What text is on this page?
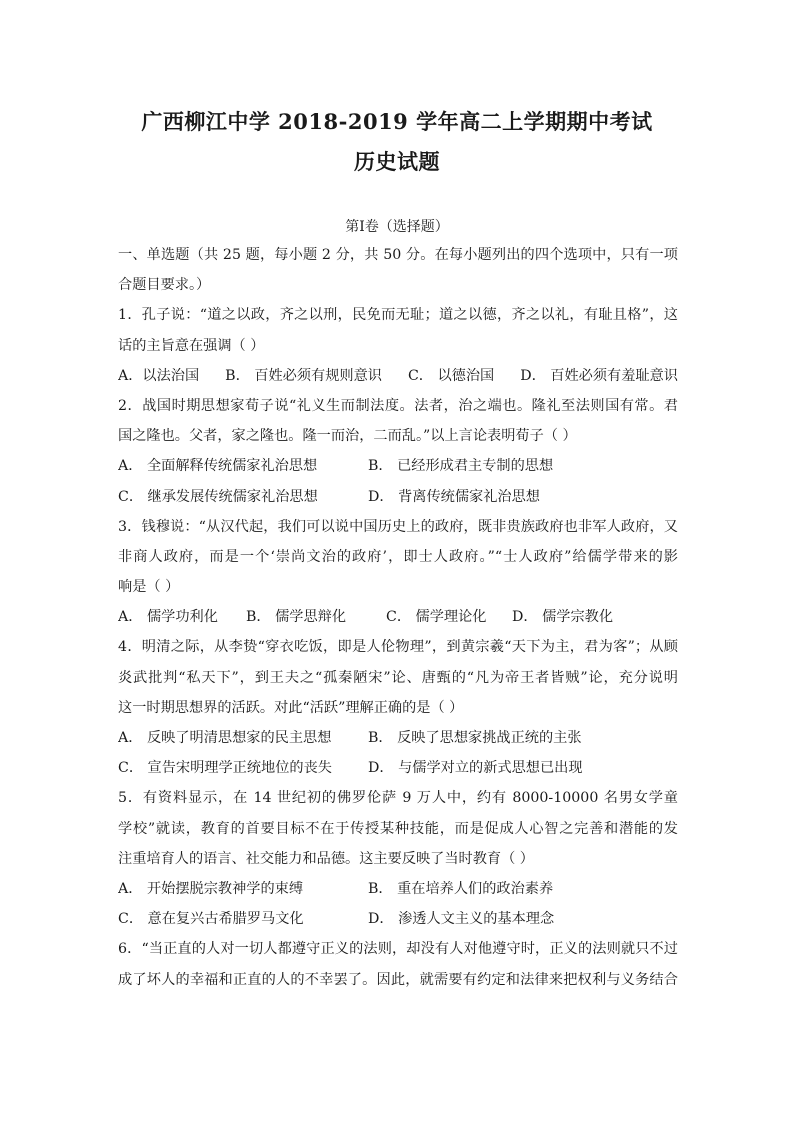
广西柳江中学 2018-2019 学年高二上学期期中考试
历史试题
第Ⅰ卷（选择题）
一、单选题（共 25 题，每小题 2 分，共 50 分。在每小题列出的四个选项中，只有一项
合题目要求。）
1．孔子说：“道之以政，齐之以刑，民免而无耻；道之以德，齐之以礼，有耻且格”，这
话的主旨意在强调（ ）
A．以法治国 B． 百姓必须有规则意识 C． 以德治国 D． 百姓必须有羞耻意识
2．战国时期思想家荀子说“礼义生而制法度。法者，治之端也。隆礼至法则国有常。君
国之隆也。父者，家之隆也。隆一而治，二而乱。”以上言论表明荀子（ ）
A． 全面解释传统儒家礼治思想	B． 已经形成君主专制的思想
C． 继承发展传统儒家礼治思想	D． 背离传统儒家礼治思想
3．钱穆说：“从汉代起，我们可以说中国历史上的政府，既非贵族政府也非军人政府，又
非商人政府，而是一个‘崇尚文治的政府’，即士人政府。”“士人政府”给儒学带来的影
响是（ ）
A． 儒学功利化	B． 儒学思辩化	C． 儒学理论化	D． 儒学宗教化
4．明清之际，从李贽“穿衣吃饭，即是人伦物理”，到黄宗羲“天下为主，君为客”；从顾
炎武批判“私天下”，到王夫之“孤秦陋宋”论、唐甄的“凡为帝王者皆贼”论，充分说明
这一时期思想界的活跃。对此“活跃”理解正确的是（ ）
A． 反映了明清思想家的民主思想	B． 反映了思想家挑战正统的主张
C． 宣告宋明理学正统地位的丧失	D． 与儒学对立的新式思想已出现
5．有资料显示，在 14 世纪初的佛罗伦萨 9 万人中，约有 8000-10000 名男女学童
学校”就读，教育的首要目标不在于传授某种技能，而是促成人心智之完善和潜能的发
注重培育人的语言、社交能力和品德。这主要反映了当时教育（ ）
A． 开始摆脱宗教神学的束缚	B． 重在培养人们的政治素养
C． 意在复兴古希腊罗马文化	D． 渗透人文主义的基本理念
6．“当正直的人对一切人都遵守正义的法则，却没有人对他遵守时，正义的法则就只不过
成了坏人的幸福和正直的人的不幸罢了。因此，就需要有约定和法律来把权利与义务结合
